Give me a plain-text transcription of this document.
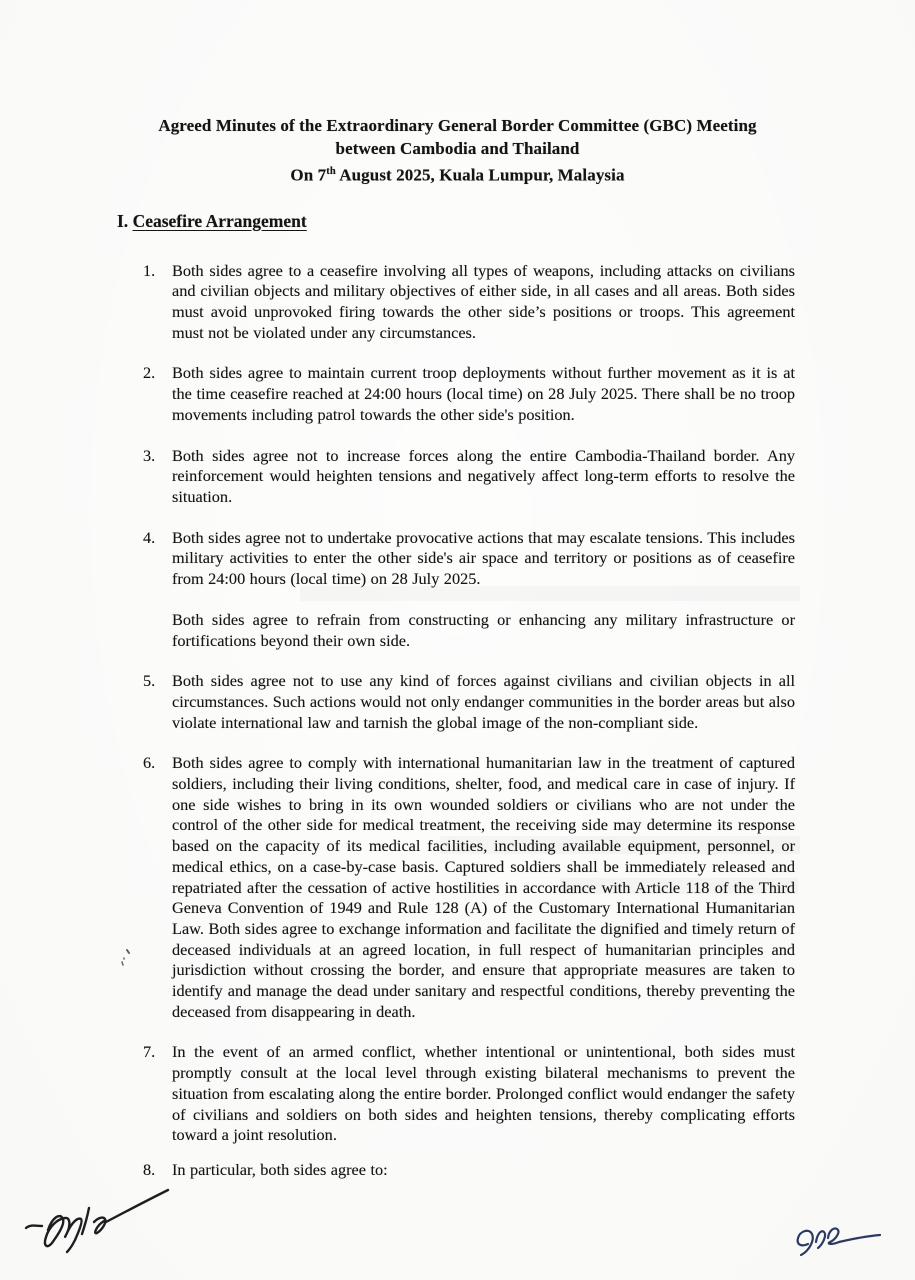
Agreed Minutes of the Extraordinary General Border Committee (GBC) Meeting
between Cambodia and Thailand
On 7th August 2025, Kuala Lumpur, Malaysia
I. Ceasefire Arrangement
1.	Both sides agree to a ceasefire involving all types of weapons, including attacks on civilians and civilian objects and military objectives of either side, in all cases and all areas. Both sides must avoid unprovoked firing towards the other side’s positions or troops. This agreement must not be violated under any circumstances.

2.	Both sides agree to maintain current troop deployments without further movement as it is at the time ceasefire reached at 24:00 hours (local time) on 28 July 2025. There shall be no troop movements including patrol towards the other side's position.

3.	Both sides agree not to increase forces along the entire Cambodia-Thailand border. Any reinforcement would heighten tensions and negatively affect long-term efforts to resolve the situation.

4.	Both sides agree not to undertake provocative actions that may escalate tensions. This includes military activities to enter the other side's air space and territory or positions as of ceasefire from 24:00 hours (local time) on 28 July 2025.

Both sides agree to refrain from constructing or enhancing any military infrastructure or fortifications beyond their own side.

5.	Both sides agree not to use any kind of forces against civilians and civilian objects in all circumstances. Such actions would not only endanger communities in the border areas but also violate international law and tarnish the global image of the non-compliant side.

6.	Both sides agree to comply with international humanitarian law in the treatment of captured soldiers, including their living conditions, shelter, food, and medical care in case of injury. If one side wishes to bring in its own wounded soldiers or civilians who are not under the control of the other side for medical treatment, the receiving side may determine its response based on the capacity of its medical facilities, including available equipment, personnel, or medical ethics, on a case-by-case basis. Captured soldiers shall be immediately released and repatriated after the cessation of active hostilities in accordance with Article 118 of the Third Geneva Convention of 1949 and Rule 128 (A) of the Customary International Humanitarian Law. Both sides agree to exchange information and facilitate the dignified and timely return of deceased individuals at an agreed location, in full respect of humanitarian principles and jurisdiction without crossing the border, and ensure that appropriate measures are taken to identify and manage the dead under sanitary and respectful conditions, thereby preventing the deceased from disappearing in death.

7.	In the event of an armed conflict, whether intentional or unintentional, both sides must promptly consult at the local level through existing bilateral mechanisms to prevent the situation from escalating along the entire border. Prolonged conflict would endanger the safety of civilians and soldiers on both sides and heighten tensions, thereby complicating efforts toward a joint resolution.

8.	In particular, both sides agree to:
